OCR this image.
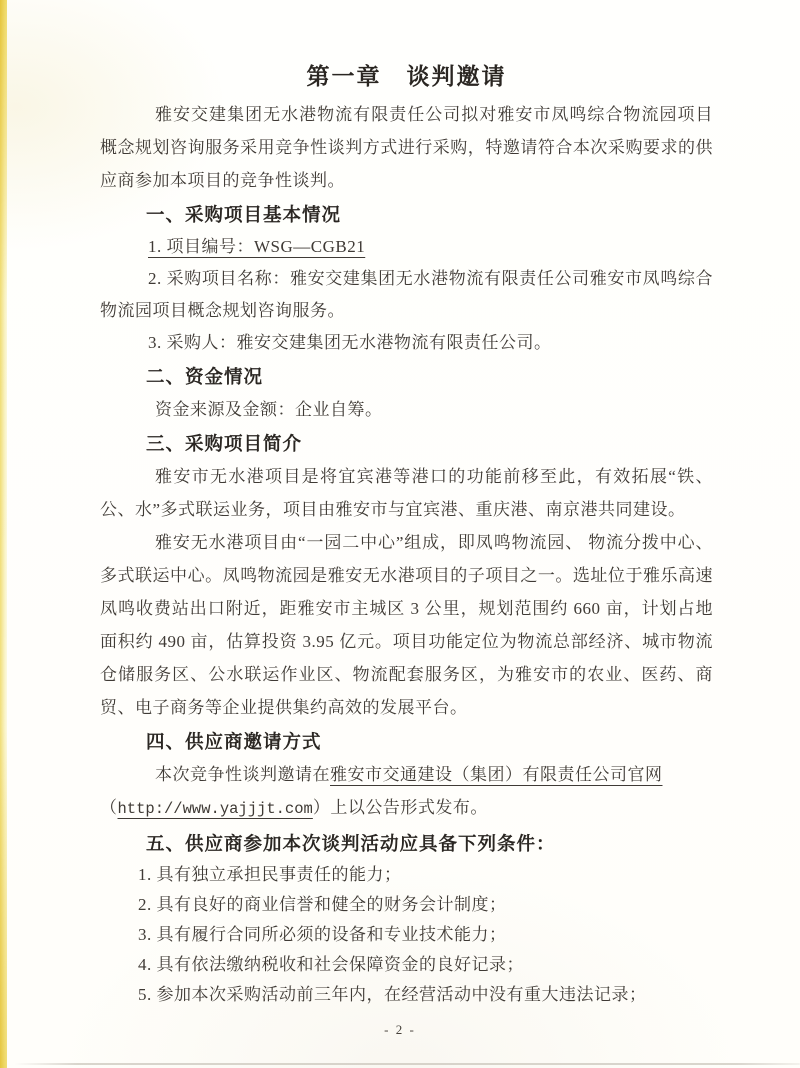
第一章　谈判邀请

雅安交建集团无水港物流有限责任公司拟对雅安市凤鸣综合物流园项目概念规划咨询服务采用竞争性谈判方式进行采购，特邀请符合本次采购要求的供应商参加本项目的竞争性谈判。

一、采购项目基本情况

1. 项目编号：WSG—CGB21

2. 采购项目名称：雅安交建集团无水港物流有限责任公司雅安市凤鸣综合物流园项目概念规划咨询服务。

3. 采购人：雅安交建集团无水港物流有限责任公司。

二、资金情况

资金来源及金额：企业自筹。

三、采购项目简介

雅安市无水港项目是将宜宾港等港口的功能前移至此，有效拓展“铁、公、水”多式联运业务，项目由雅安市与宜宾港、重庆港、南京港共同建设。

雅安无水港项目由“一园二中心”组成，即凤鸣物流园、 物流分拨中心、多式联运中心。凤鸣物流园是雅安无水港项目的子项目之一。选址位于雅乐高速凤鸣收费站出口附近，距雅安市主城区 3 公里，规划范围约 660 亩，计划占地面积约 490 亩，估算投资 3.95 亿元。项目功能定位为物流总部经济、城市物流仓储服务区、公水联运作业区、物流配套服务区，为雅安市的农业、医药、商贸、电子商务等企业提供集约高效的发展平台。

四、供应商邀请方式

本次竞争性谈判邀请在雅安市交通建设（集团）有限责任公司官网
（http://www.yajjjt.com）上以公告形式发布。

五、供应商参加本次谈判活动应具备下列条件：

1. 具有独立承担民事责任的能力；

2. 具有良好的商业信誉和健全的财务会计制度；

3. 具有履行合同所必须的设备和专业技术能力；

4. 具有依法缴纳税收和社会保障资金的良好记录；

5. 参加本次采购活动前三年内，在经营活动中没有重大违法记录；

- 2 -
